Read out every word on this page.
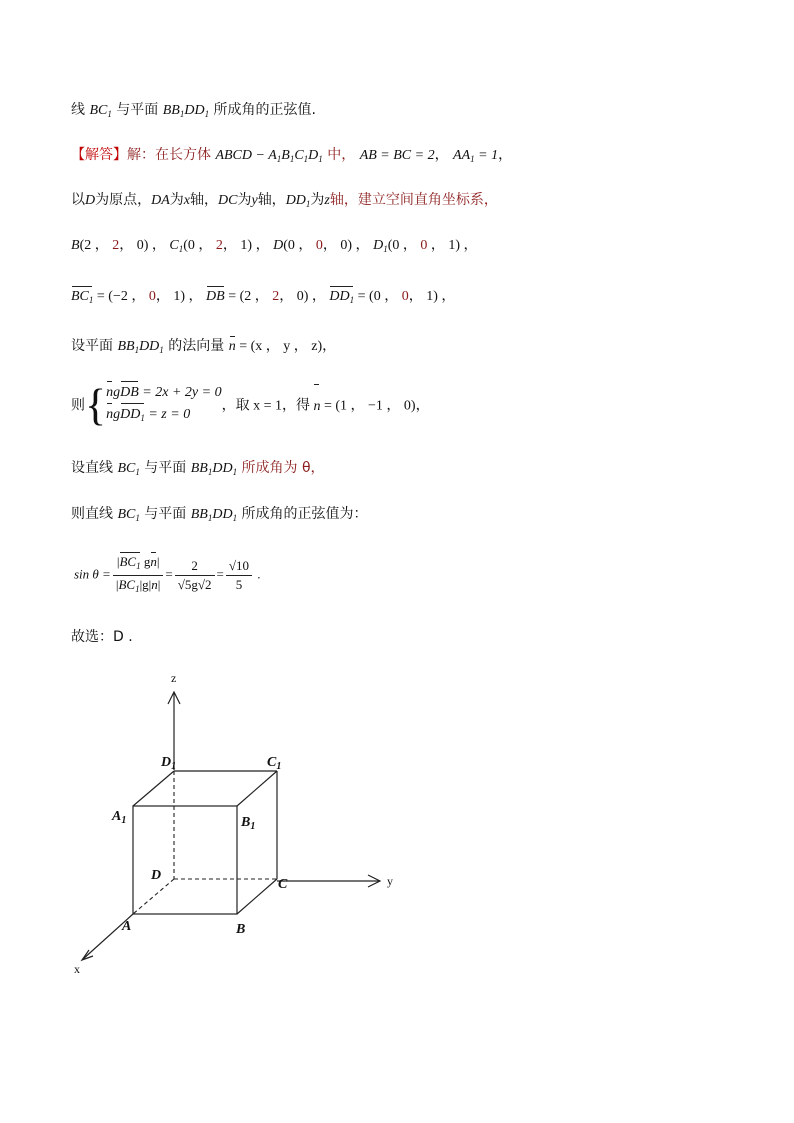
线 $BC_1$ 与平面 $BB_1DD_1$ 所成角的正弦值.
【解答】解：在长方体 ABCD − $A_1B_1C_1D_1$ 中， AB = BC = 2， $AA_1 = 1$，
以D为原点，DA为x轴，DC为y轴，$DD_1$为z轴，建立空间直角坐标系，
B(2 ， 2， 0) ， $C_1(0$ ， 2， 1) ， D(0 ， 0， 0) ， $D_1(0$ ， 0 ， 1) ，
$BC_1 = (-2$ ， 0， 1) ， DB = (2 ， 2， 0) ， $DD_1 = (0$ ， 0， 1) ，
设平面 $BB_1DD_1$ 的法向量 n = (x ， y ， z)，
则{ngDB = 2x + 2y = 0
ngDD$_1$ = z = 0，取 x = 1，得 n = (1 ， −1 ， 0)，
设直线 $BC_1$ 与平面 $BB_1DD_1$ 所成角为 θ，
则直线 $BC_1$ 与平面 $BB_1DD_1$ 所成角的正弦值为：
$\sin \theta = \frac{|BC_1 gn|}{|BC_1|g|n|} = \frac{2}{√5g√2} = \frac{√10}{5}$ .
故选：D .
z
y
x
$D_1$	$C_1$
$A_1$	$B_1$
D
C
A	B
